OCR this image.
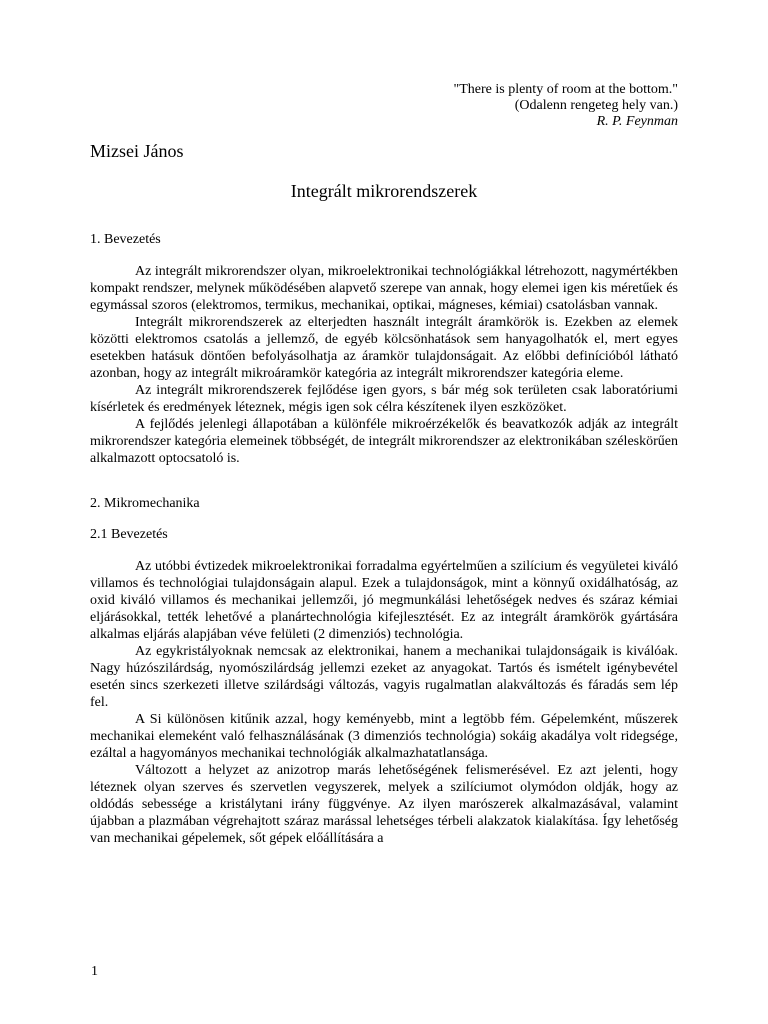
"There is plenty of room at the bottom."
(Odalenn rengeteg hely van.)
R. P. Feynman
Mizsei János
Integrált mikrorendszerek
1. Bevezetés

Az integrált mikrorendszer olyan, mikroelektronikai technológiákkal létrehozott, nagymértékben kompakt rendszer, melynek működésében alapvető szerepe van annak, hogy elemei igen kis méretűek és egymással szoros (elektromos, termikus, mechanikai, optikai, mágneses, kémiai) csatolásban vannak.

Integrált mikrorendszerek az elterjedten használt integrált áramkörök is. Ezekben az elemek közötti elektromos csatolás a jellemző, de egyéb kölcsönhatások sem hanyagolhatók el, mert egyes esetekben hatásuk döntően befolyásolhatja az áramkör tulajdonságait. Az előbbi definícióból látható azonban, hogy az integrált mikroáramkör kategória az integrált mikrorendszer kategória eleme.

Az integrált mikrorendszerek fejlődése igen gyors, s bár még sok területen csak laboratóriumi kísérletek és eredmények léteznek, mégis igen sok célra készítenek ilyen eszközöket.

A fejlődés jelenlegi állapotában a különféle mikroérzékelők és beavatkozók adják az integrált mikrorendszer kategória elemeinek többségét, de integrált mikrorendszer az elektronikában széleskörűen alkalmazott optocsatoló is.

2. Mikromechanika
2.1 Bevezetés

Az utóbbi évtizedek mikroelektronikai forradalma egyértelműen a szilícium és vegyületei kiváló villamos és technológiai tulajdonságain alapul. Ezek a tulajdonságok, mint a könnyű oxidálhatóság, az oxid kiváló villamos és mechanikai jellemzői, jó megmunkálási lehetőségek nedves és száraz kémiai eljárásokkal, tették lehetővé a planártechnológia kifejlesztését. Ez az integrált áramkörök gyártására alkalmas eljárás alapjában véve felületi (2 dimenziós) technológia.

Az egykristályoknak nemcsak az elektronikai, hanem a mechanikai tulajdonságaik is kiválóak. Nagy húzószilárdság, nyomószilárdság jellemzi ezeket az anyagokat. Tartós és ismételt igénybevétel esetén sincs szerkezeti illetve szilárdsági változás, vagyis rugalmatlan alakváltozás és fáradás sem lép fel.

A Si különösen kitűnik azzal, hogy keményebb, mint a legtöbb fém. Gépelemként, műszerek mechanikai elemeként való felhasználásának (3 dimenziós technológia) sokáig akadálya volt ridegsége, ezáltal a hagyományos mechanikai technológiák alkalmazhatatlansága.

Változott a helyzet az anizotrop marás lehetőségének felismerésével. Ez azt jelenti, hogy léteznek olyan szerves és szervetlen vegyszerek, melyek a szilíciumot olymódon oldják, hogy az oldódás sebessége a kristálytani irány függvénye. Az ilyen marószerek alkalmazásával, valamint újabban a plazmában végrehajtott száraz marással lehetséges térbeli alakzatok kialakítása. Így lehetőség van mechanikai gépelemek, sőt gépek előállítására a

1
